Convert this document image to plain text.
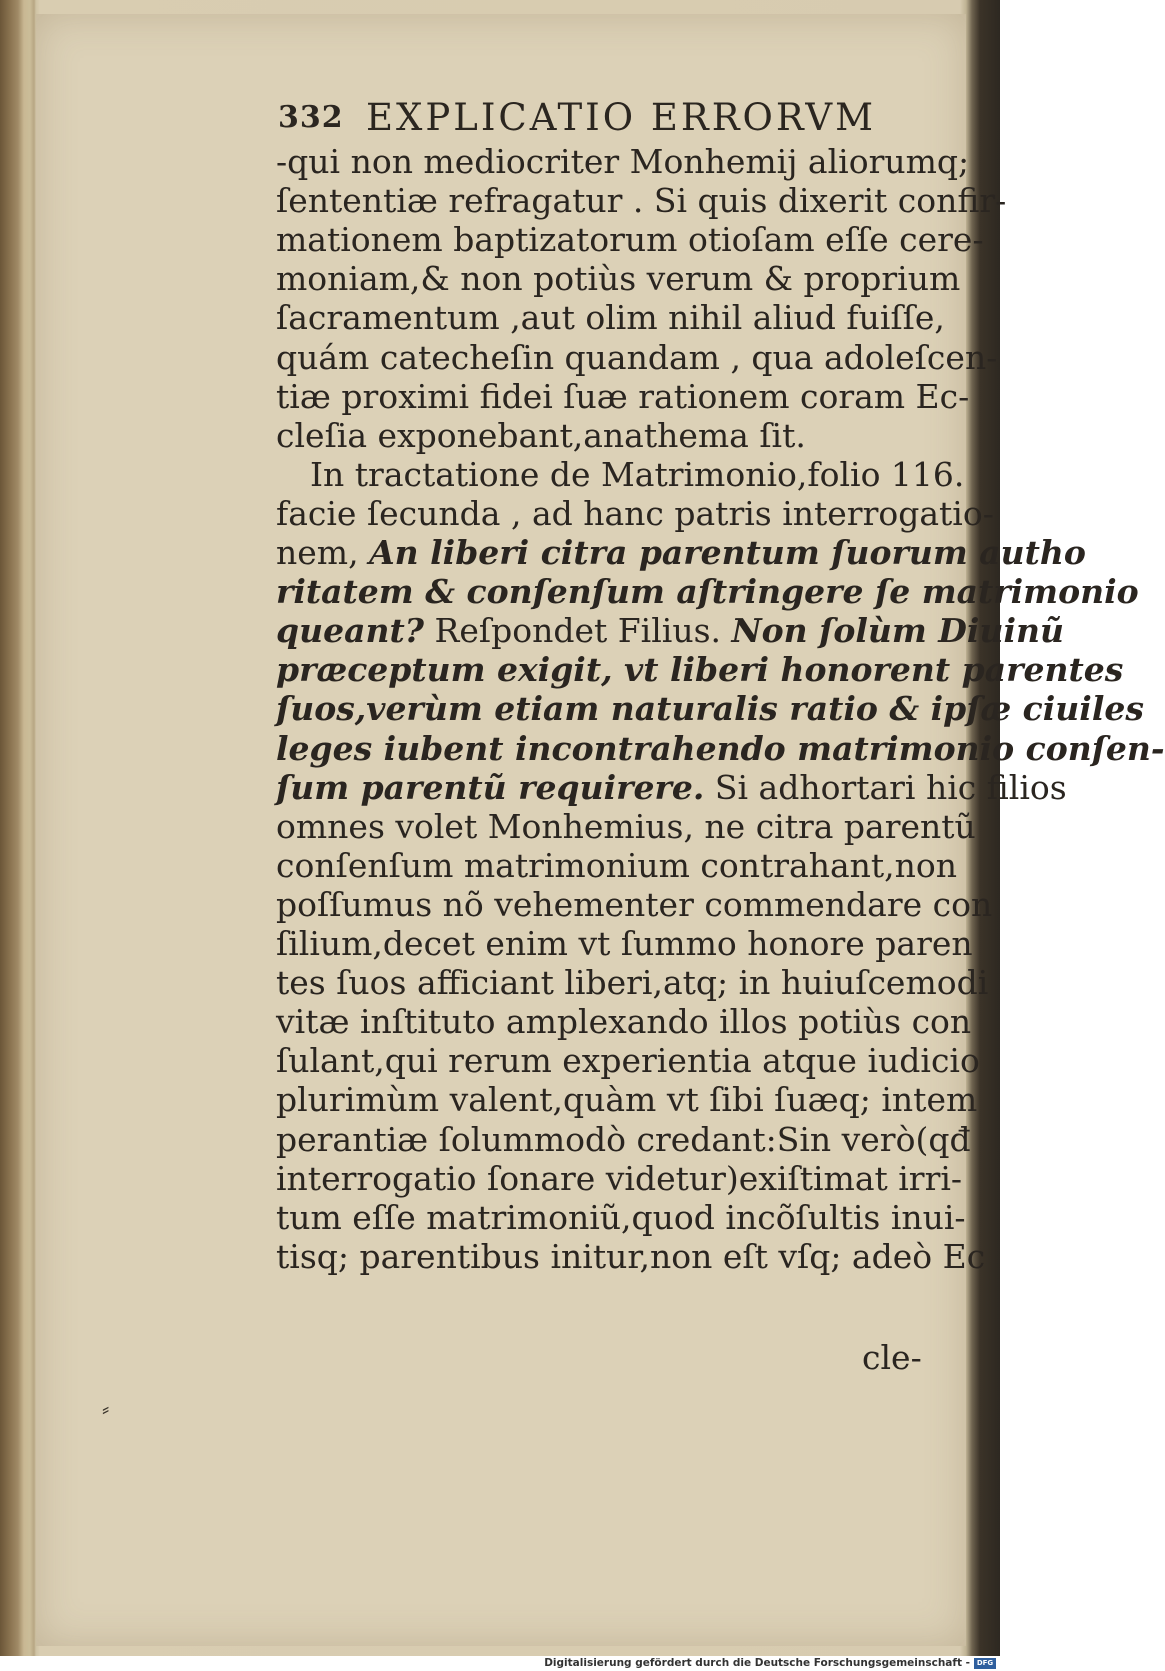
332 EXPLICATIO ERRORVM
-qui non mediocriter Monhemij aliorumq;
ſententiæ refragatur . Si quis dixerit confir-
mationem baptizatorum otioſam eſſe cere-
moniam,& non potiùs verum & proprium
ſacramentum ,aut olim nihil aliud fuiſſe,
quám catecheſin quandam , qua adoleſcen-
tiæ proximi fidei ſuæ rationem coram Ec-
cleſia exponebant,anathema ſit.
In tractatione de Matrimonio,folio 116.
facie ſecunda , ad hanc patris interrogatio-
nem, An liberi citra parentum ſuorum autho
ritatem & conſenſum aſtringere ſe matrimonio
queant? Reſpondet Filius. Non ſolùm Diuinũ
præceptum exigit, vt liberi honorent parentes
ſuos,verùm etiam naturalis ratio & ipſæ ciuiles
leges iubent incontrahendo matrimonio conſen-
ſum parentũ requirere. Si adhortari hic filios
omnes volet Monhemius, ne citra parentũ
conſenſum matrimonium contrahant,non
poſſumus nõ vehementer commendare con
ſilium,decet enim vt ſummo honore paren
tes ſuos afficiant liberi,atq; in huiuſcemodi
vitæ inſtituto amplexando illos potiùs con
ſulant,qui rerum experientia atque iudicio
plurimùm valent,quàm vt ſibi ſuæq; intem
perantiæ ſolummodò credant:Sin verò(qđ
interrogatio ſonare videtur)exiſtimat irri-
tum eſſe matrimoniũ,quod incõſultis inui-
tisq; parentibus initur,non eſt vſq; adeò Ec
cle-
⸗
Digitalisierung gefördert durch die Deutsche Forschungsgemeinschaft - DFG
